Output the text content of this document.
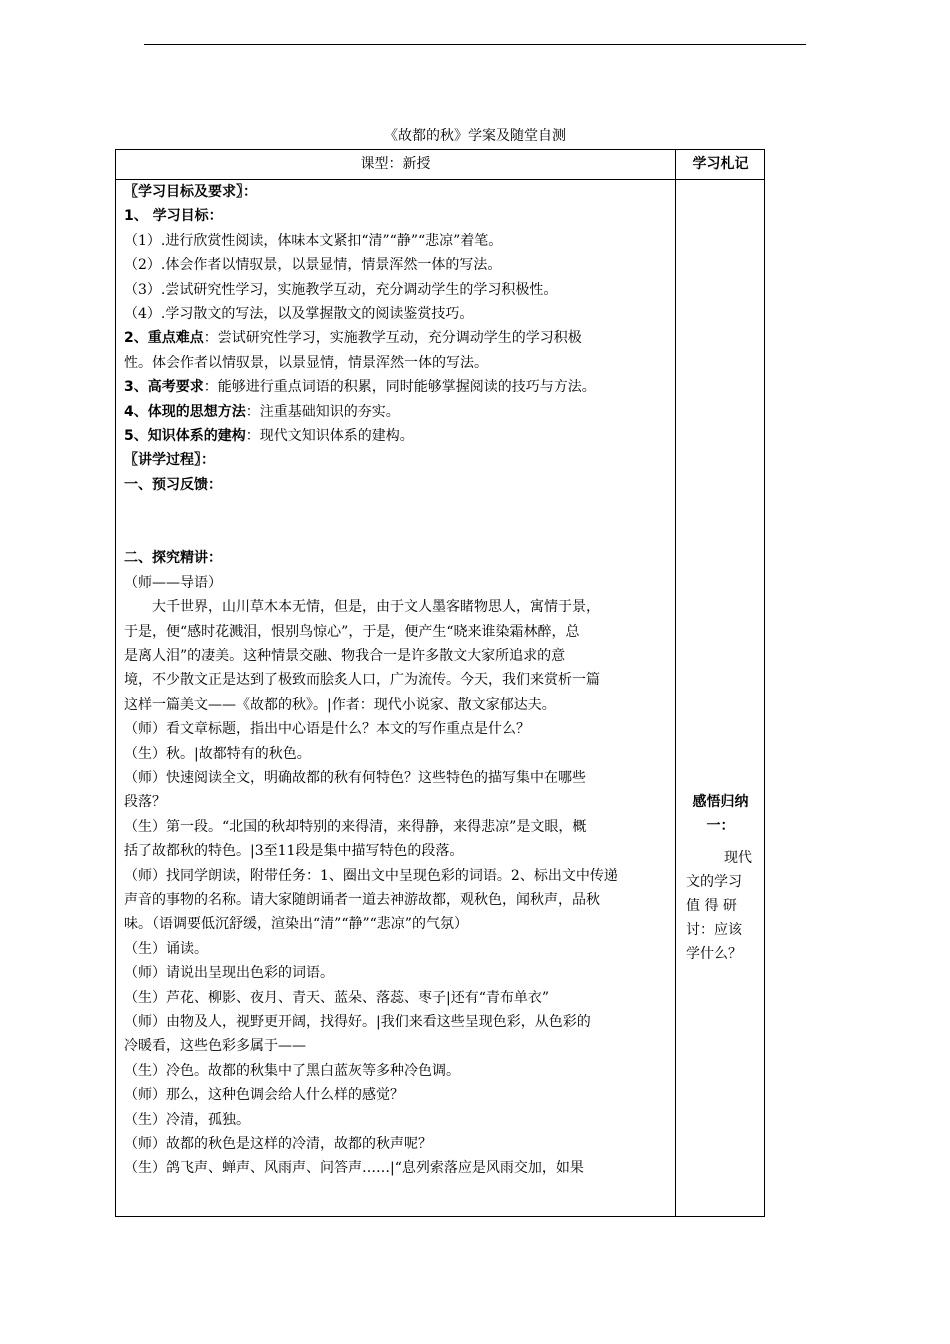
《故都的秋》学案及随堂自测
课型：新授	学习札记

〖学习目标及要求〗：

1、 学习目标：

（1）.进行欣赏性阅读，体味本文紧扣“清”“静”“悲凉”着笔。

（2）.体会作者以情驭景，以景显情，情景浑然一体的写法。

（3）.尝试研究性学习，实施教学互动，充分调动学生的学习积极性。

（4）.学习散文的写法，以及掌握散文的阅读鉴赏技巧。

2、重点难点：尝试研究性学习，实施教学互动，充分调动学生的学习积极

性。体会作者以情驭景，以景显情，情景浑然一体的写法。

3、高考要求：能够进行重点词语的积累，同时能够掌握阅读的技巧与方法。

4、体现的思想方法：注重基础知识的夯实。

5、知识体系的建构：现代文知识体系的建构。

〖讲学过程〗：

一、预习反馈：

二、探究精讲：

（师——导语）

　　大千世界，山川草木本无情，但是，由于文人墨客睹物思人，寓情于景，

于是，便“感时花溅泪，恨别鸟惊心”，于是，便产生“晓来谁染霜林醉，总

是离人泪”的凄美。这种情景交融、物我合一是许多散文大家所追求的意

境，不少散文正是达到了极致而脍炙人口，广为流传。今天，我们来赏析一篇

这样一篇美文——《故都的秋》。|作者：现代小说家、散文家郁达夫。

（师）看文章标题，指出中心语是什么？本文的写作重点是什么？

（生）秋。|故都特有的秋色。

（师）快速阅读全文，明确故都的秋有何特色？这些特色的描写集中在哪些

段落？

（生）第一段。“北国的秋却特别的来得清，来得静，来得悲凉”是文眼，概

括了故都秋的特色。|3至11段是集中描写特色的段落。

（师）找同学朗读，附带任务：1、圈出文中呈现色彩的词语。2、标出文中传递

声音的事物的名称。请大家随朗诵者一道去神游故都，观秋色，闻秋声，品秋

味。（语调要低沉舒缓，渲染出“清”“静”“悲凉”的气氛）

（生）诵读。

（师）请说出呈现出色彩的词语。

（生）芦花、柳影、夜月、青天、蓝朵、落蕊、枣子|还有“青布单衣”

（师）由物及人，视野更开阔，找得好。|我们来看这些呈现色彩，从色彩的

冷暖看，这些色彩多属于——

（生）冷色。故都的秋集中了黑白蓝灰等多种冷色调。

（师）那么，这种色调会给人什么样的感觉？

（生）冷清，孤独。

（师）故都的秋色是这样的冷清，故都的秋声呢？

（生）鸽飞声、蝉声、风雨声、问答声……|“息列索落应是风雨交加，如果

感悟归纳
一：
现代
文的学习
值 得 研
讨：应该
学什么？
